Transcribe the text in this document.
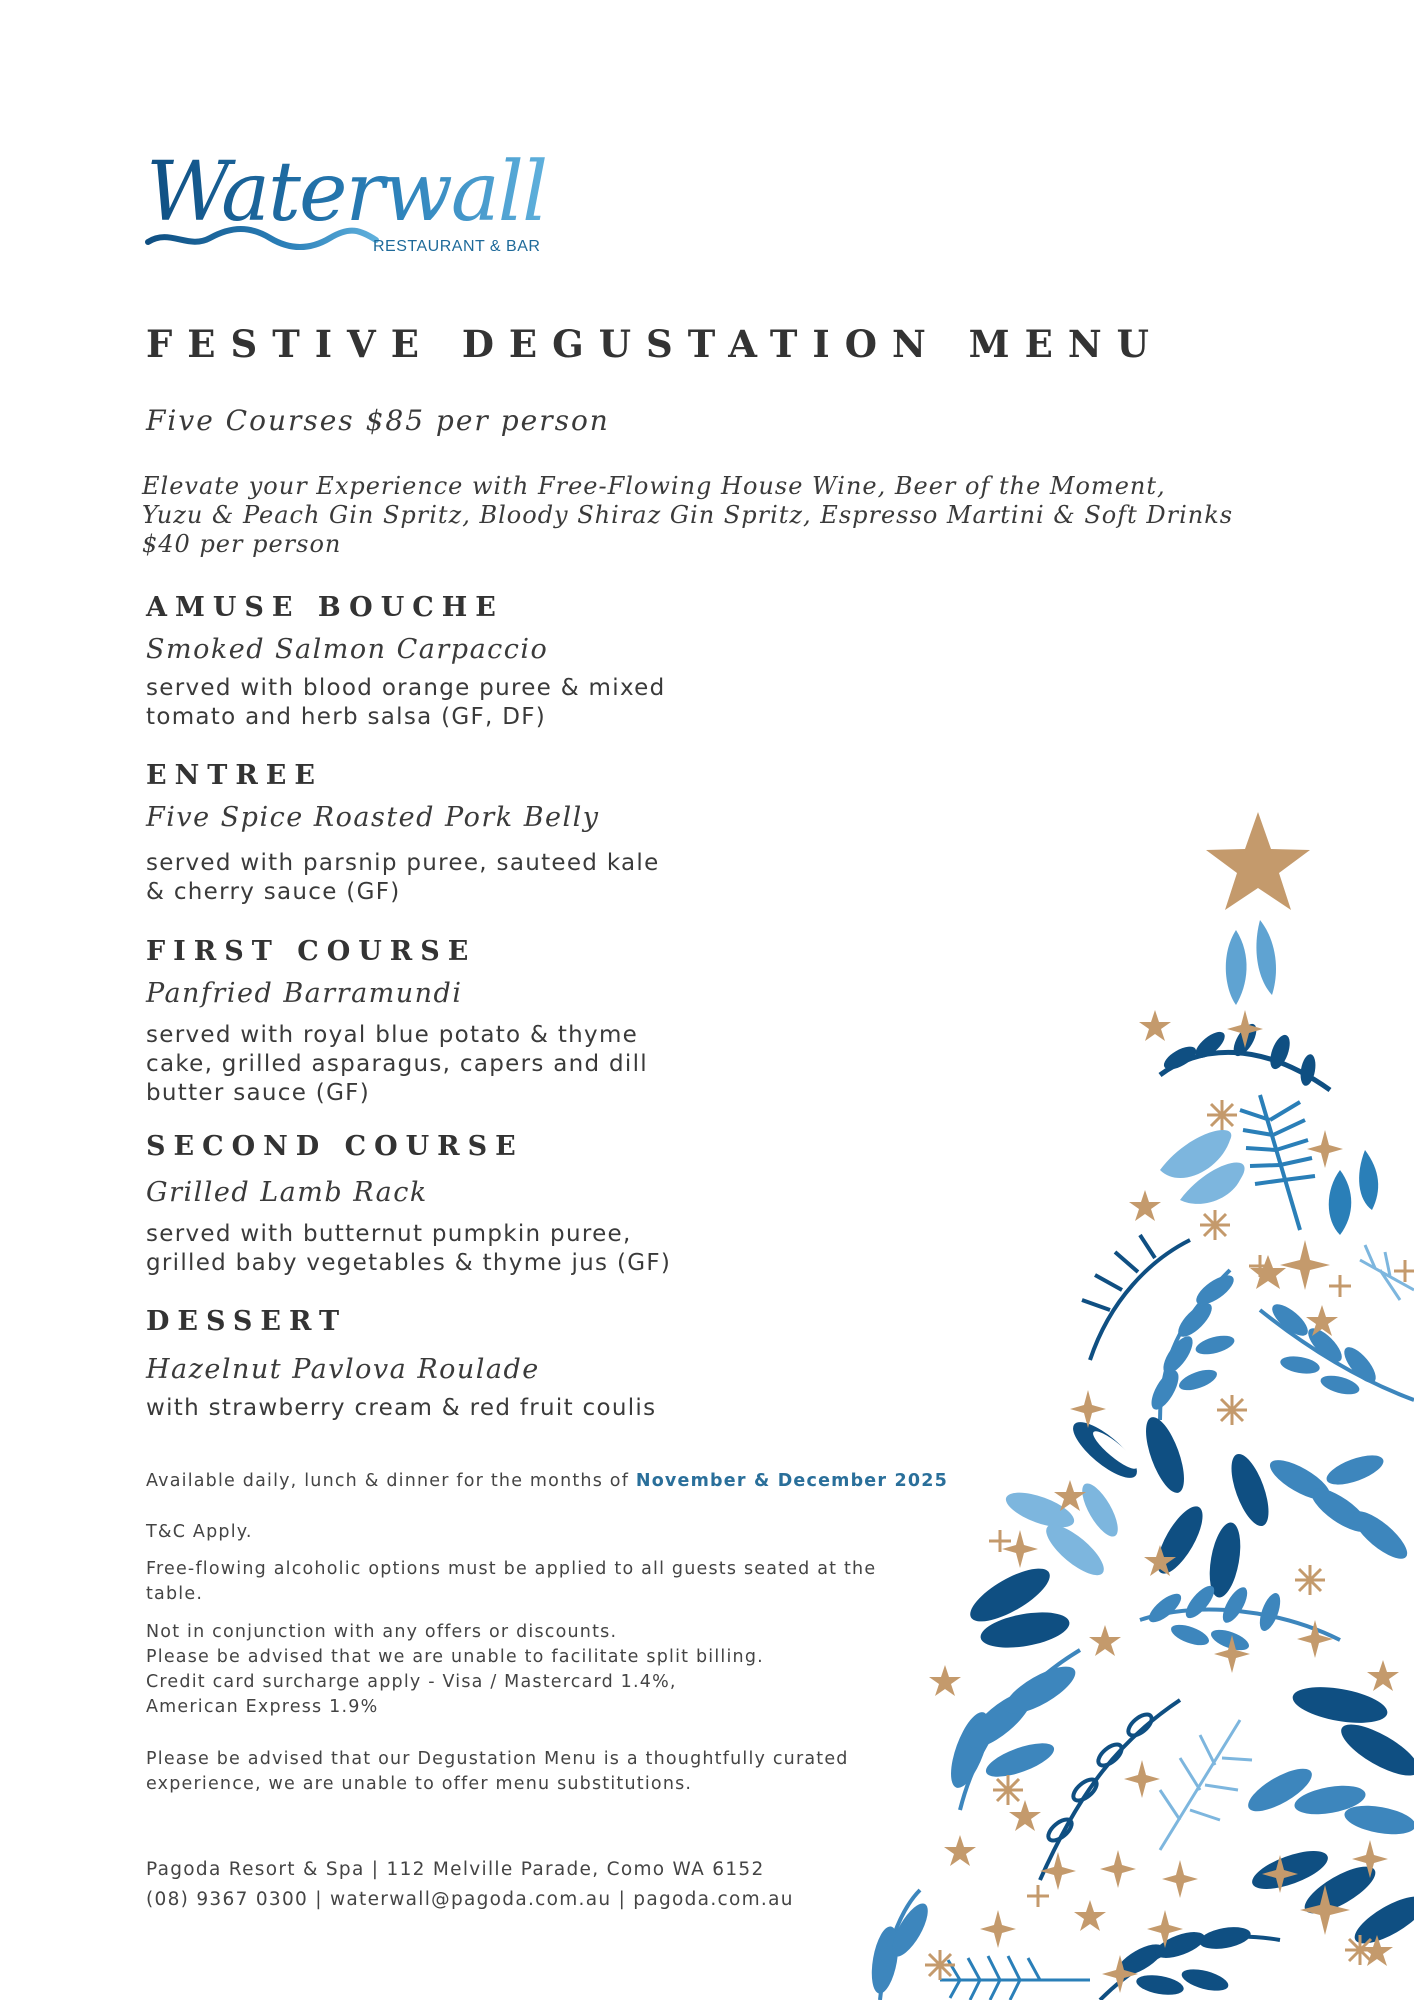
Waterwall
RESTAURANT & BAR
FESTIVE DEGUSTATION MENU
Five Courses $85 per person
Elevate your Experience with Free-Flowing House Wine, Beer of the Moment,
Yuzu & Peach Gin Spritz, Bloody Shiraz Gin Spritz, Espresso Martini & Soft Drinks
$40 per person
AMUSE BOUCHE
Smoked Salmon Carpaccio
served with blood orange puree & mixed
tomato and herb salsa (GF, DF)
ENTREE
Five Spice Roasted Pork Belly
served with parsnip puree, sauteed kale
& cherry sauce (GF)
FIRST COURSE
Panfried Barramundi
served with royal blue potato & thyme
cake, grilled asparagus, capers and dill
butter sauce (GF)
SECOND COURSE
Grilled Lamb Rack
served with butternut pumpkin puree,
grilled baby vegetables & thyme jus (GF)
DESSERT
Hazelnut Pavlova Roulade
with strawberry cream & red fruit coulis
Available daily, lunch & dinner for the months of November & December 2025
T&C Apply.
Free-flowing alcoholic options must be applied to all guests seated at the
table.
Not in conjunction with any offers or discounts.
Please be advised that we are unable to facilitate split billing.
Credit card surcharge apply - Visa / Mastercard 1.4%,
American Express 1.9%
Please be advised that our Degustation Menu is a thoughtfully curated
experience, we are unable to offer menu substitutions.
Pagoda Resort & Spa | 112 Melville Parade, Como WA 6152
(08) 9367 0300 | waterwall@pagoda.com.au | pagoda.com.au
